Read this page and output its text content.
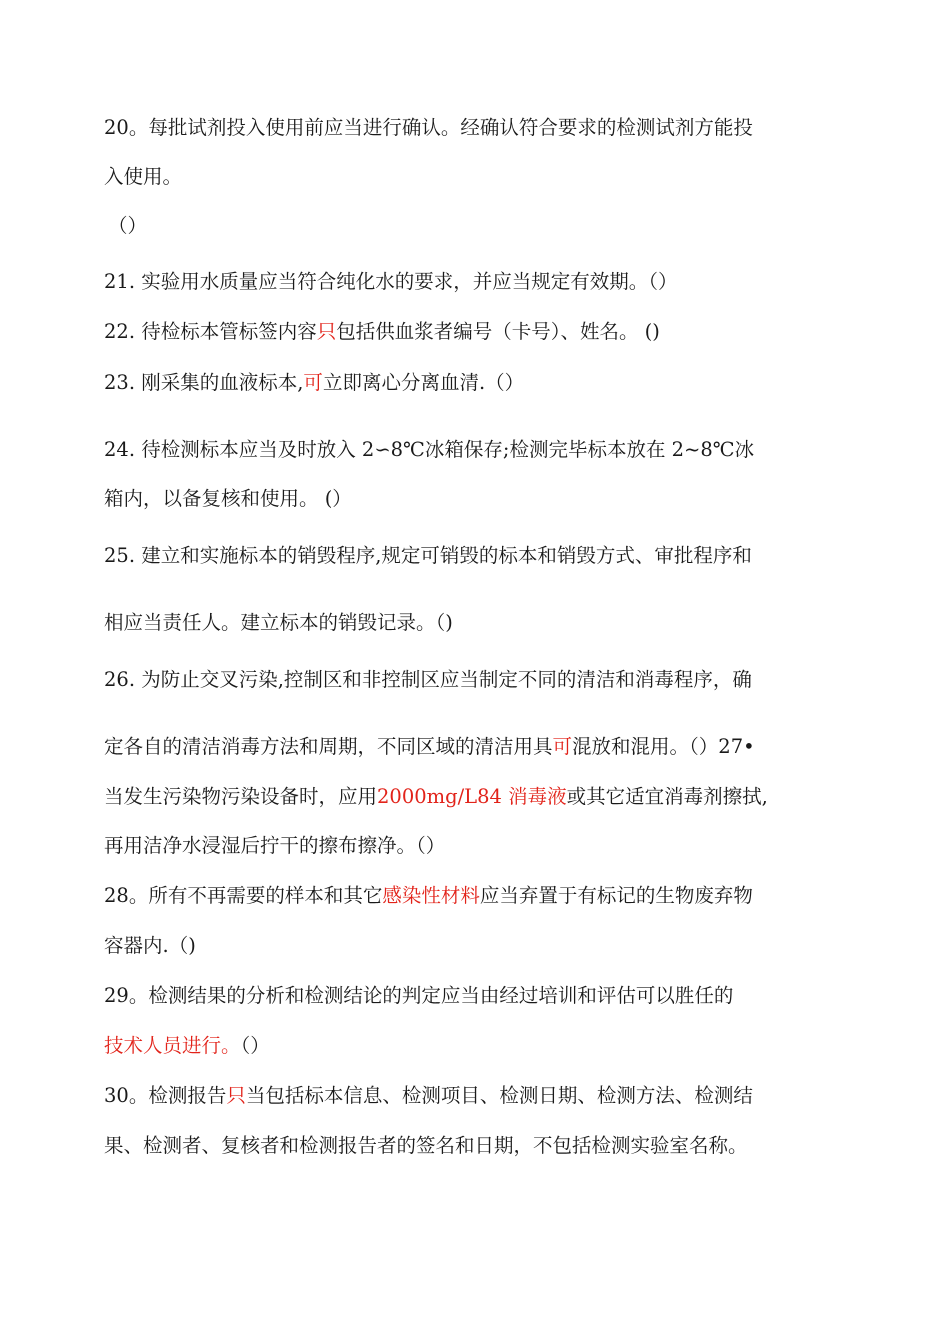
20。每批试剂投入使用前应当进行确认。经确认符合要求的检测试剂方能投
入使用。
（）
21. 实验用水质量应当符合纯化水的要求，并应当规定有效期。（）
22. 待检标本管标签内容只包括供血浆者编号（卡号）、姓名。 ()
23. 刚采集的血液标本,可立即离心分离血清.（）
24. 待检测标本应当及时放入 2∽8℃冰箱保存;检测完毕标本放在 2~8℃冰
箱内，以备复核和使用。 (）
25. 建立和实施标本的销毁程序,规定可销毁的标本和销毁方式、审批程序和
相应当责任人。建立标本的销毁记录。（)
26. 为防止交叉污染,控制区和非控制区应当制定不同的清洁和消毒程序，确
定各自的清洁消毒方法和周期，不同区域的清洁用具可混放和混用。（）27•
当发生污染物污染设备时，应用2000mg/L84 消毒液或其它适宜消毒剂擦拭,
再用洁净水浸湿后拧干的擦布擦净。（）
28。所有不再需要的样本和其它感染性材料应当弃置于有标记的生物废弃物
容器内.（)
29。检测结果的分析和检测结论的判定应当由经过培训和评估可以胜任的
技术人员进行。（）
30。检测报告只当包括标本信息、检测项目、检测日期、检测方法、检测结
果、检测者、复核者和检测报告者的签名和日期，不包括检测实验室名称。
